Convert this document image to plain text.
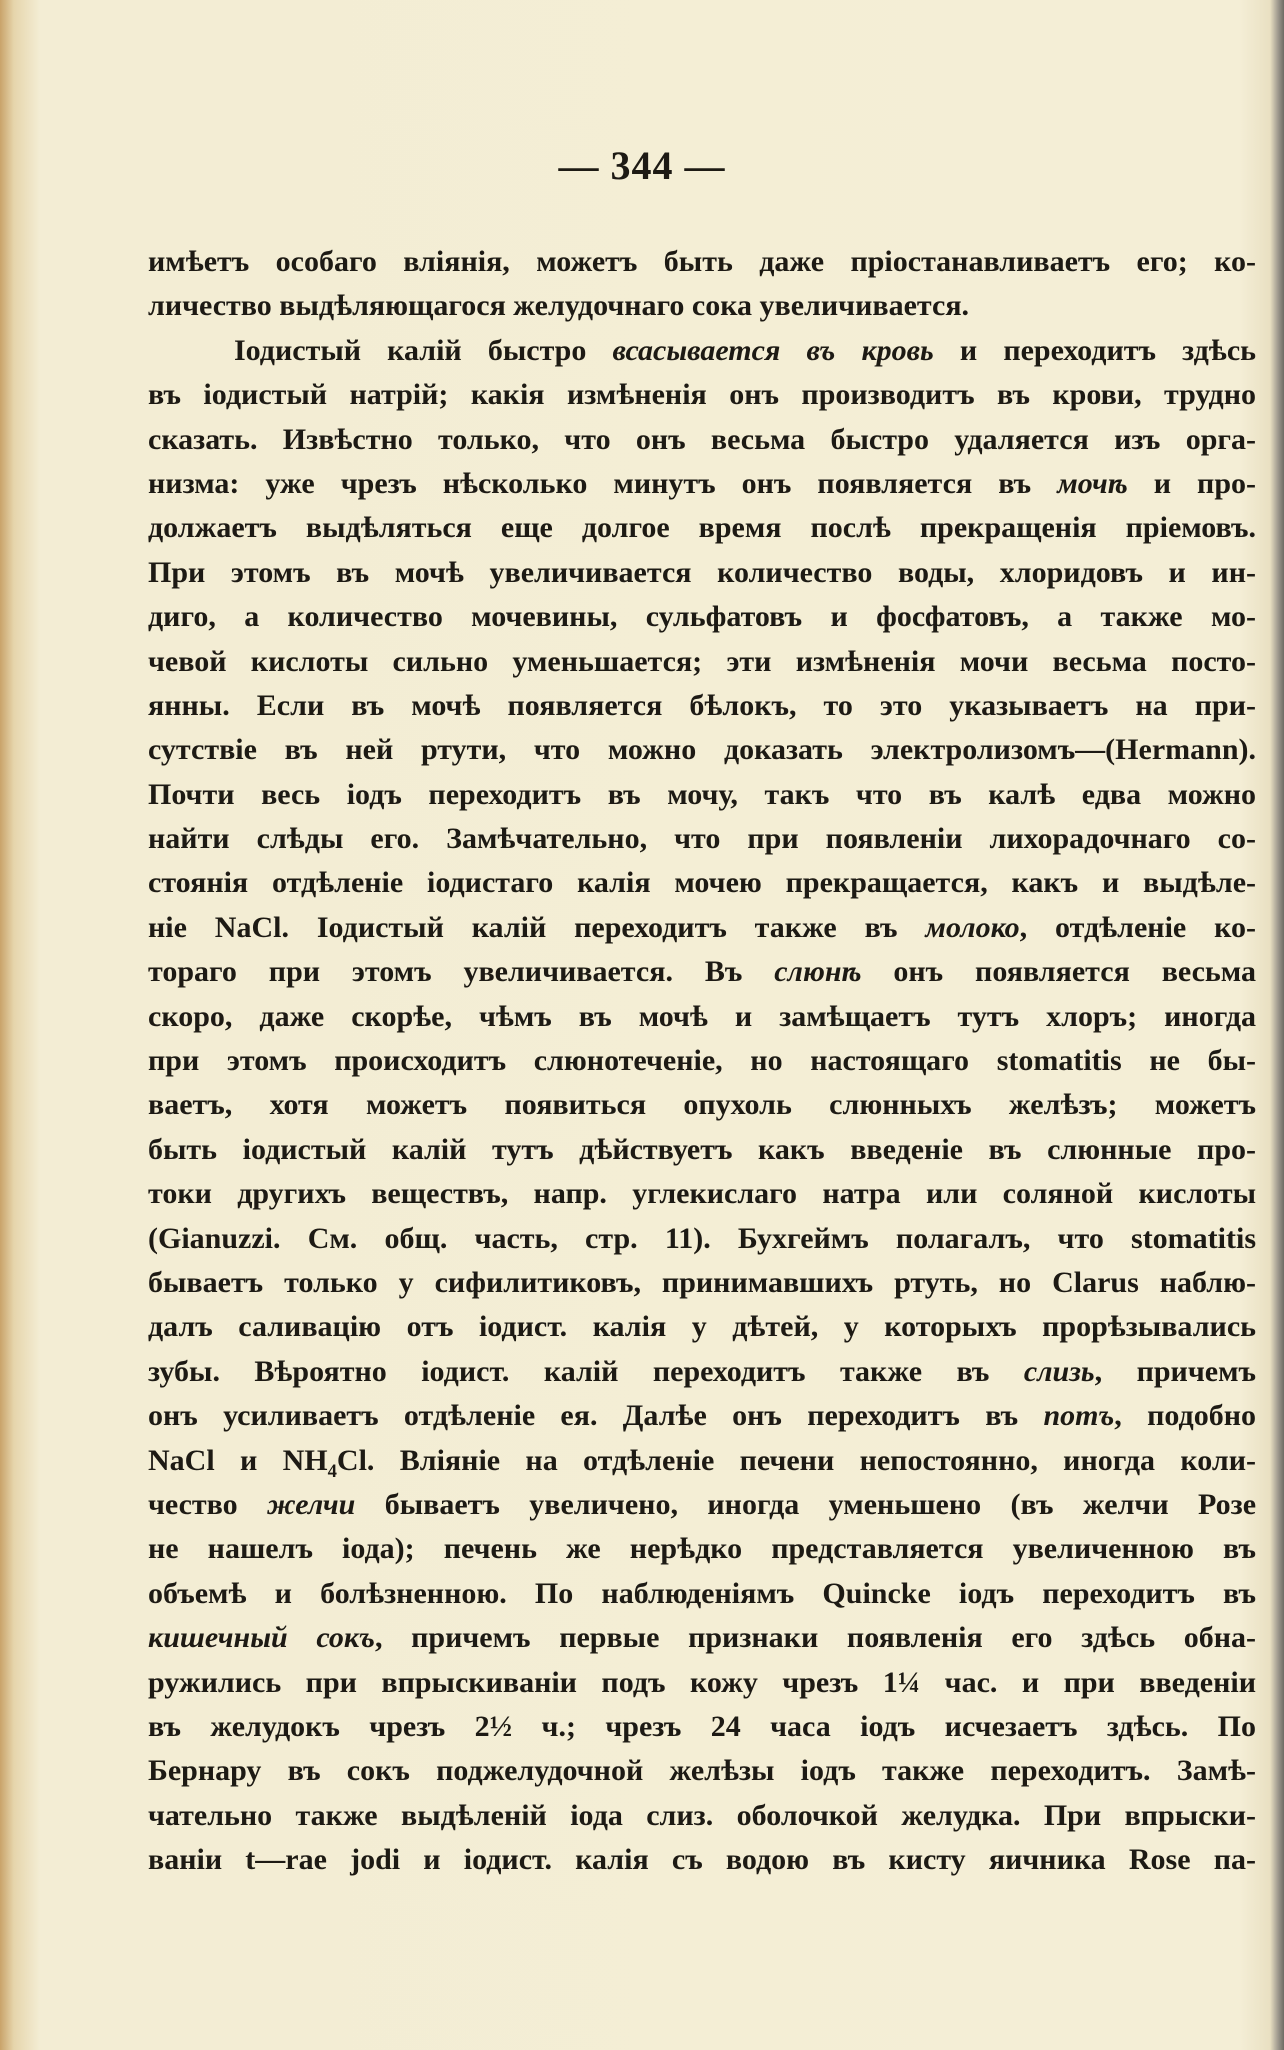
— 344 —
имѣетъ особаго вліянія, можетъ быть даже пріостанавливаетъ его; ко-
личество выдѣляющагося желудочнаго сока увеличивается.
Іодистый калій быстро всасывается въ кровь и переходитъ здѣсь
въ іодистый натрій; какія измѣненія онъ производитъ въ крови, трудно
сказать. Извѣстно только, что онъ весьма быстро удаляется изъ орга-
низма: уже чрезъ нѣсколько минутъ онъ появляется въ мочѣ и про-
должаетъ выдѣляться еще долгое время послѣ прекращенія пріемовъ.
При этомъ въ мочѣ увеличивается количество воды, хлоридовъ и ин-
диго, а количество мочевины, сульфатовъ и фосфатовъ, а также мо-
чевой кислоты сильно уменьшается; эти измѣненія мочи весьма посто-
янны. Если въ мочѣ появляется бѣлокъ, то это указываетъ на при-
сутствіе въ ней ртути, что можно доказать электролизомъ—(Hermann).
Почти весь іодъ переходитъ въ мочу, такъ что въ калѣ едва можно
найти слѣды его. Замѣчательно, что при появленіи лихорадочнаго со-
стоянія отдѣленіе іодистаго калія мочею прекращается, какъ и выдѣле-
ніе NaCl. Іодистый калій переходитъ также въ молоко, отдѣленіе ко-
тораго при этомъ увеличивается. Въ слюнѣ онъ появляется весьма
скоро, даже скорѣе, чѣмъ въ мочѣ и замѣщаетъ тутъ хлоръ; иногда
при этомъ происходитъ слюнотеченіе, но настоящаго stomatitis не бы-
ваетъ, хотя можетъ появиться опухоль слюнныхъ желѣзъ; можетъ
быть іодистый калій тутъ дѣйствуетъ какъ введеніе въ слюнные про-
токи другихъ веществъ, напр. углекислаго натра или соляной кислоты
(Gianuzzi. См. общ. часть, стр. 11). Бухгеймъ полагалъ, что stomatitis
бываетъ только у сифилитиковъ, принимавшихъ ртуть, но Clarus наблю-
далъ саливацію отъ іодист. калія у дѣтей, у которыхъ прорѣзывались
зубы. Вѣроятно іодист. калій переходитъ также въ слизь, причемъ
онъ усиливаетъ отдѣленіе ея. Далѣе онъ переходитъ въ потъ, подобно
NaCl и $NH_4Cl$. Вліяніе на отдѣленіе печени непостоянно, иногда коли-
чество желчи бываетъ увеличено, иногда уменьшено (въ желчи Розе
не нашелъ іода); печень же нерѣдко представляется увеличенною въ
объемѣ и болѣзненною. По наблюденіямъ Quincke іодъ переходитъ въ
кишечный сокъ, причемъ первые признаки появленія его здѣсь обна-
ружились при впрыскиваніи подъ кожу чрезъ 1¼ час. и при введеніи
въ желудокъ чрезъ 2½ ч.; чрезъ 24 часа іодъ исчезаетъ здѣсь. По
Бернару въ сокъ поджелудочной желѣзы іодъ также переходитъ. Замѣ-
чательно также выдѣленій іода слиз. оболочкой желудка. При впрыски-
ваніи t—rae jodi и іодист. калія съ водою въ кисту яичника Rose па-
